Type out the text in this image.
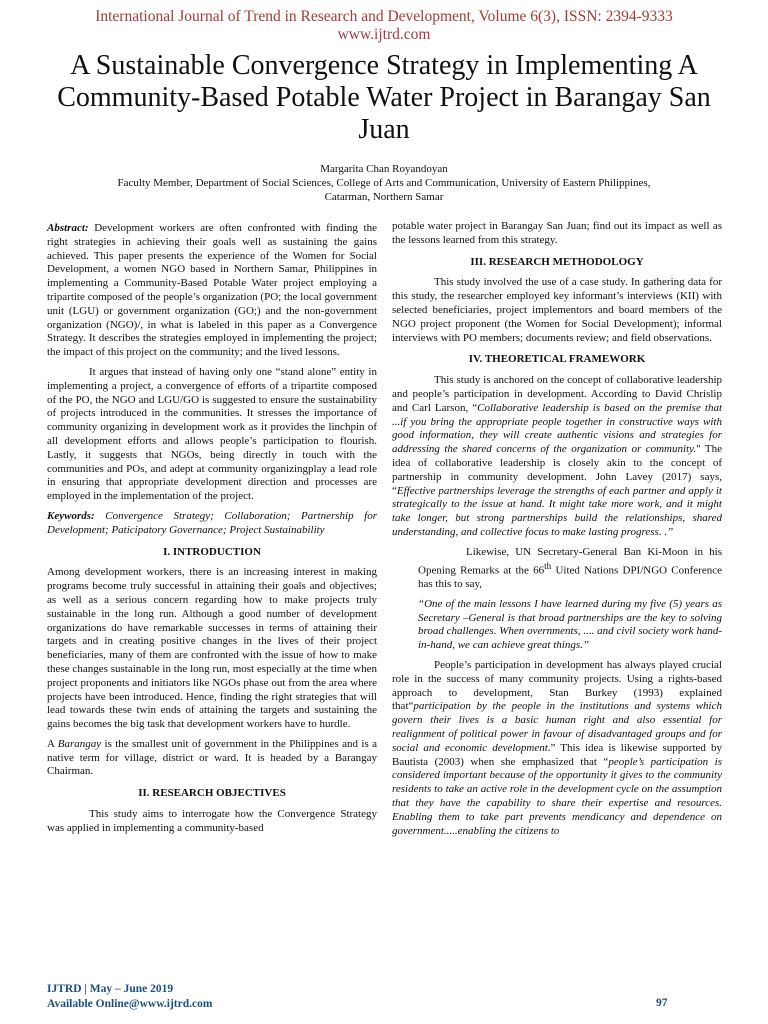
International Journal of Trend in Research and Development, Volume 6(3), ISSN: 2394-9333
www.ijtrd.com
A Sustainable Convergence Strategy in Implementing A Community-Based Potable Water Project in Barangay San Juan
Margarita Chan Royandoyan
Faculty Member, Department of Social Sciences, College of Arts and Communication, University of Eastern Philippines,
Catarman, Northern Samar

Abstract: Development workers are often confronted with finding the right strategies in achieving their goals well as sustaining the gains achieved. This paper presents the experience of the Women for Social Development, a women NGO based in Northern Samar, Philippines in implementing a Community-Based Potable Water project employing a tripartite composed of the people’s organization (PO; the local government unit (LGU) or government organization (GO;) and the non-government organization (NGO)/, in what is labeled in this paper as a Convergence Strategy. It describes the strategies employed in implementing the project; the impact of this project on the community; and the lived lessons.

It argues that instead of having only one “stand alone” entity in implementing a project, a convergence of efforts of a tripartite composed of the PO, the NGO and LGU/GO is suggested to ensure the sustainability of projects introduced in the communities. It stresses the importance of community organizing in development work as it provides the linchpin of all development efforts and allows people’s participation to flourish. Lastly, it suggests that NGOs, being directly in touch with the communities and POs, and adept at community organizingplay a lead role in ensuring that appropriate development direction and processes are employed in the implementation of the project.

Keywords: Convergence Strategy; Collaboration; Partnership for Development; Paticipatory Governance; Project Sustainability

I. INTRODUCTION

Among development workers, there is an increasing interest in making programs become truly successful in attaining their goals and objectives; as well as a serious concern regarding how to make projects truly sustainable in the long run. Although a good number of development organizations do have remarkable successes in terms of attaining their targets and in creating positive changes in the lives of their project beneficiaries, many of them are confronted with the issue of how to make these changes sustainable in the long run, most especially at the time when project proponents and initiators like NGOs phase out from the area where projects have been introduced. Hence, finding the right strategies that will lead towards these twin ends of attaining the targets and sustaining the gains becomes the big task that development workers have to hurdle.

A Barangay is the smallest unit of government in the Philippines and is a native term for village, district or ward. It is headed by a Barangay Chairman.

II. RESEARCH OBJECTIVES

This study aims to interrogate how the Convergence Strategy was applied in implementing a community-based

potable water project in Barangay San Juan; find out its impact as well as the lessons learned from this strategy.

III. RESEARCH METHODOLOGY

This study involved the use of a case study. In gathering data for this study, the researcher employed key informant’s interviews (KII) with selected beneficiaries, project implementors and board members of the NGO project proponent (the Women for Social Development); informal interviews with PO members; documents review; and field observations.

IV. THEORETICAL FRAMEWORK

This study is anchored on the concept of collaborative leadership and people’s participation in development. According to David Chrislip and Carl Larson, “Collaborative leadership is based on the premise that ...if you bring the appropriate people together in constructive ways with good information, they will create authentic visions and strategies for addressing the shared concerns of the organization or community." The idea of collaborative leadership is closely akin to the concept of partnership in community development. John Lavey (2017) says, “Effective partnerships leverage the strengths of each partner and apply it strategically to the issue at hand. It might take more work, and it might take longer, but strong partnerships build the relationships, shared understanding, and collective focus to make lasting progress. .”

Likewise, UN Secretary-General Ban Ki-Moon in his Opening Remarks at the 66th Uited Nations DPI/NGO Conference has this to say,

“One of the main lessons I have learned during my five (5) years as Secretary –General is that broad partnerships are the key to solving broad challenges. When overnments, .... and civil society work hand-in-hand, we can achieve great things.”

People’s participation in development has always played crucial role in the success of many community projects. Using a rights-based approach to development, Stan Burkey (1993) explained that“participation by the people in the institutions and systems which govern their lives is a basic human right and also essential for realignment of political power in favour of disadvantaged groups and for social and economic development.” This idea is likewise supported by Bautista (2003) when she emphasized that “people’s participation is considered important because of the opportunity it gives to the community residents to take an active role in the development cycle on the assumption that they have the capability to share their expertise and resources. Enabling them to take part prevents mendicancy and dependence on government.....enabling the citizens to

IJTRD | May – June 2019
Available Online@www.ijtrd.com	97
